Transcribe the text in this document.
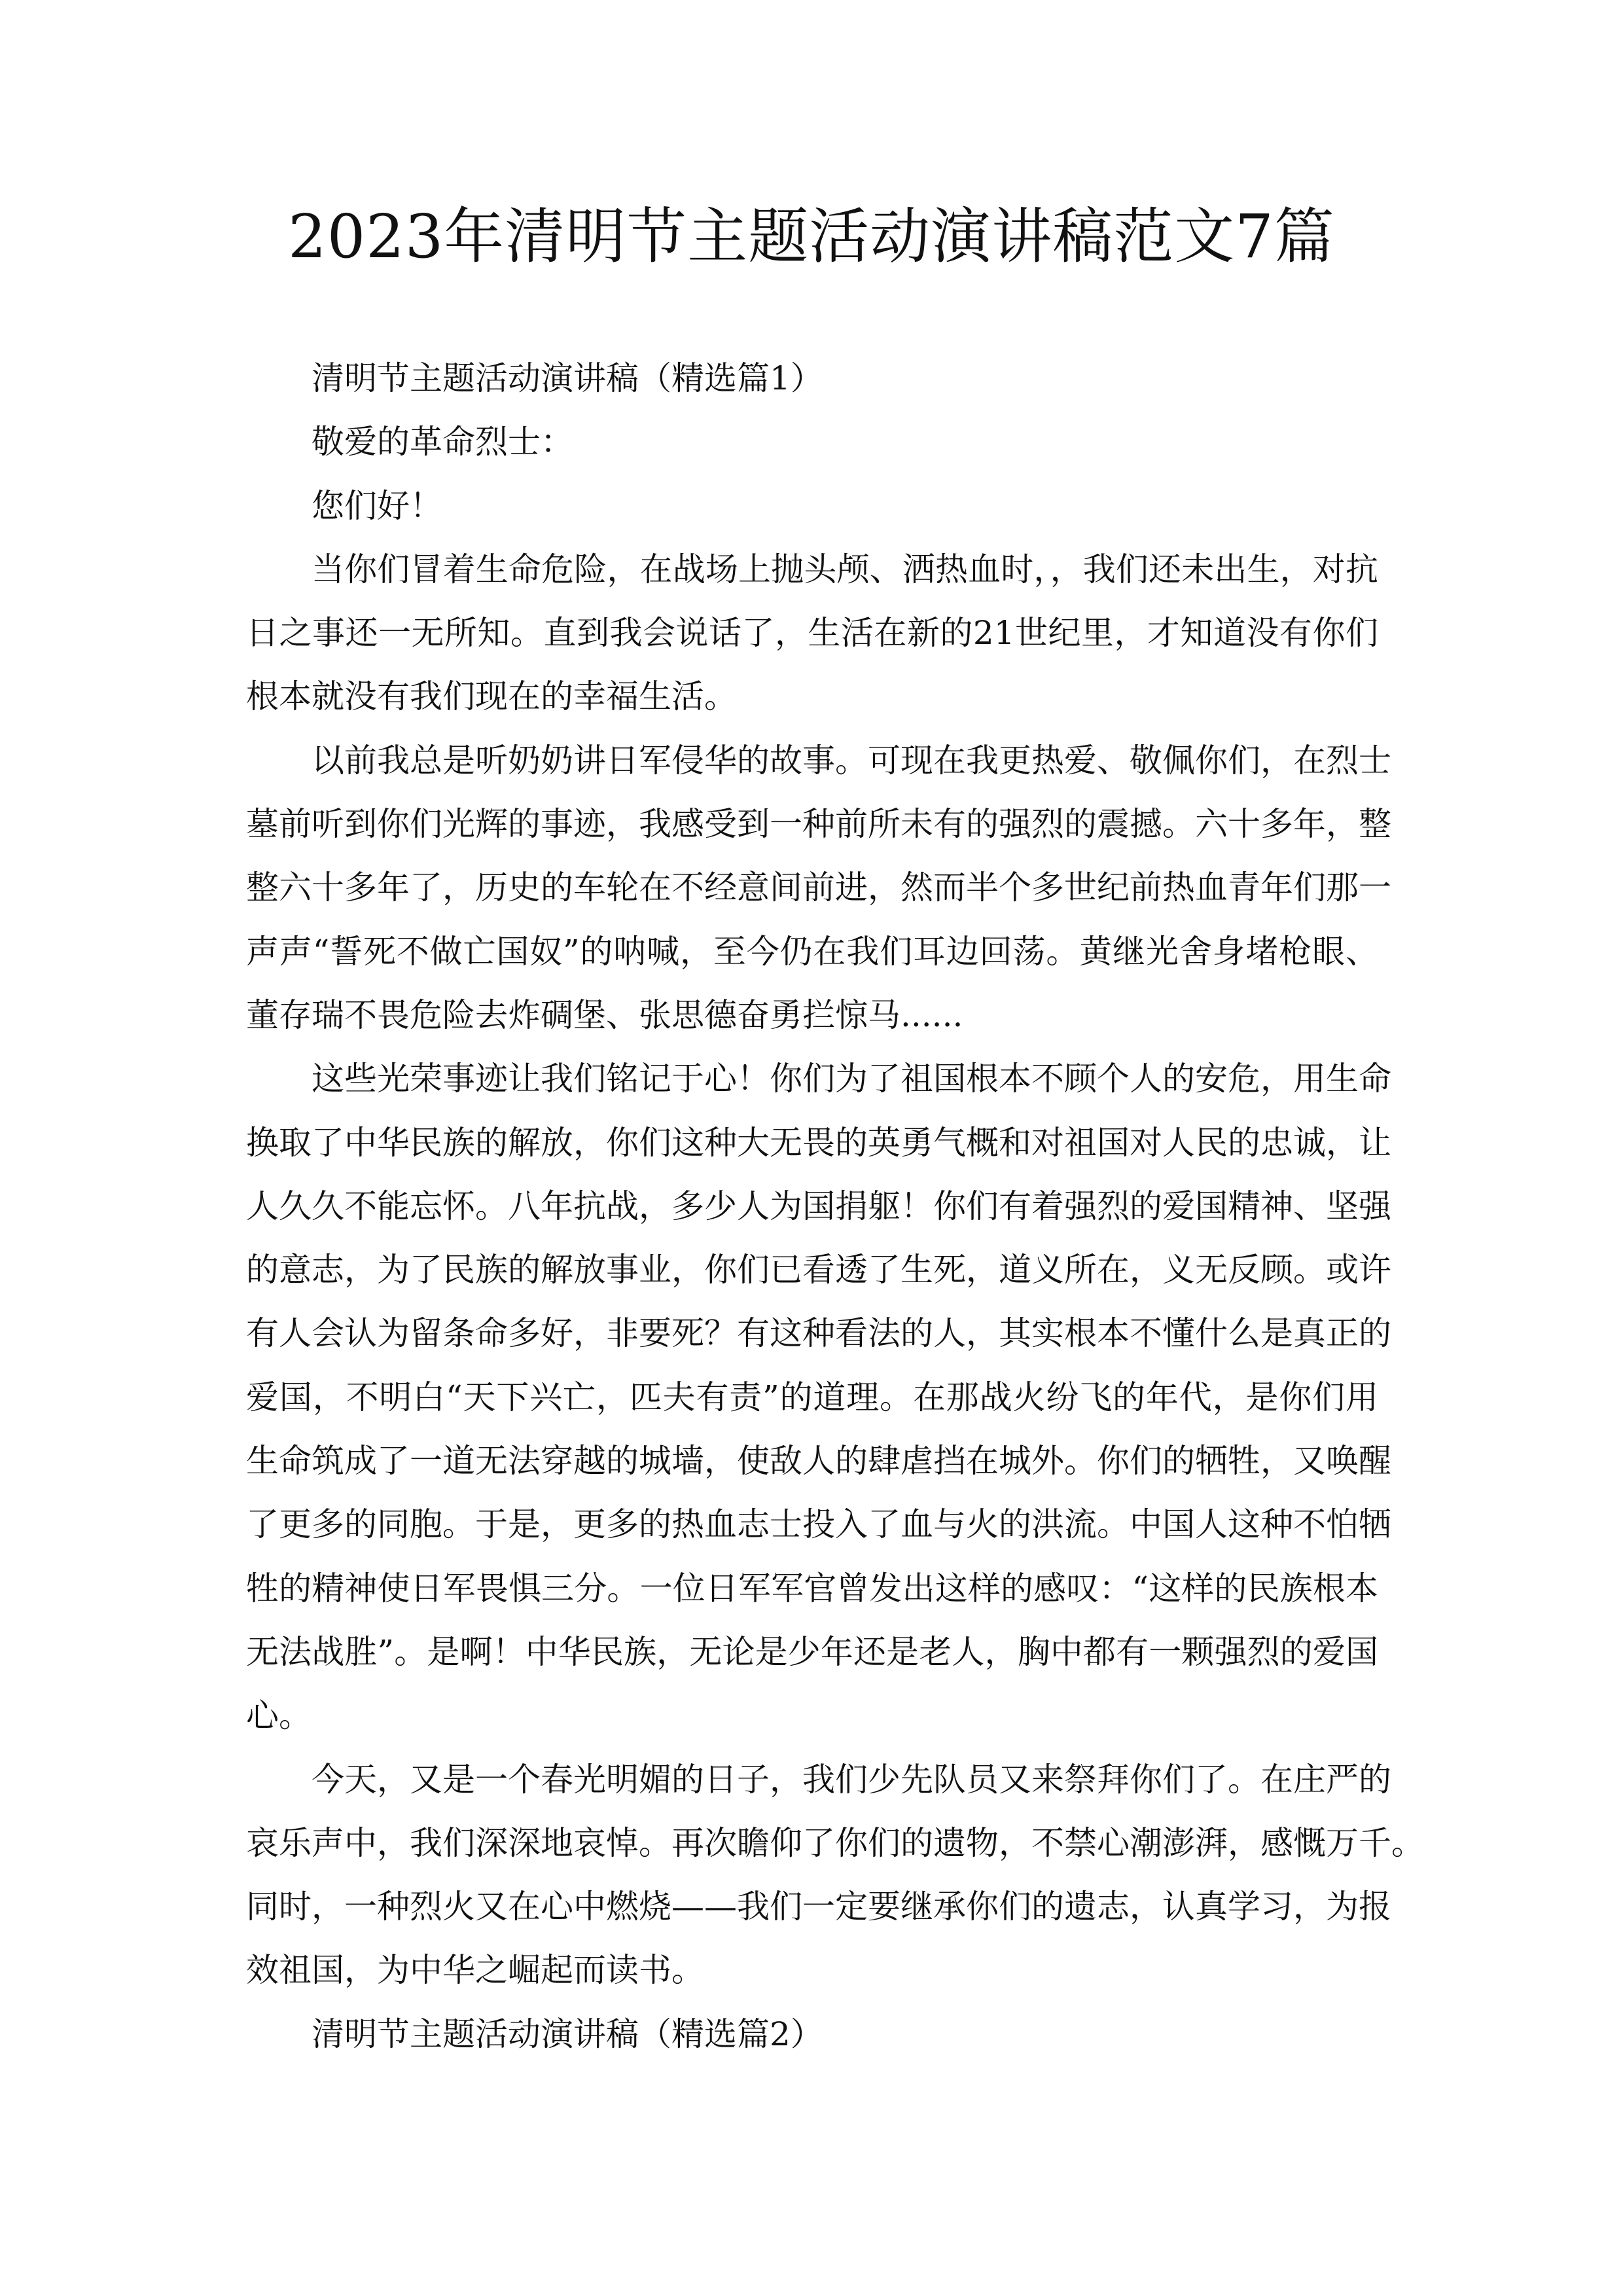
2023年清明节主题活动演讲稿范文7篇
清明节主题活动演讲稿（精选篇1）
敬爱的革命烈士：
您们好！
当你们冒着生命危险，在战场上抛头颅、洒热血时，，我们还未出生，对抗
日之事还一无所知。直到我会说话了，生活在新的21世纪里，才知道没有你们
根本就没有我们现在的幸福生活。
以前我总是听奶奶讲日军侵华的故事。可现在我更热爱、敬佩你们，在烈士
墓前听到你们光辉的事迹，我感受到一种前所未有的强烈的震撼。六十多年，整
整六十多年了，历史的车轮在不经意间前进，然而半个多世纪前热血青年们那一
声声“誓死不做亡国奴”的呐喊，至今仍在我们耳边回荡。黄继光舍身堵枪眼、
董存瑞不畏危险去炸碉堡、张思德奋勇拦惊马......
这些光荣事迹让我们铭记于心！你们为了祖国根本不顾个人的安危，用生命
换取了中华民族的解放，你们这种大无畏的英勇气概和对祖国对人民的忠诚，让
人久久不能忘怀。八年抗战，多少人为国捐躯！你们有着强烈的爱国精神、坚强
的意志，为了民族的解放事业，你们已看透了生死，道义所在，义无反顾。或许
有人会认为留条命多好，非要死？有这种看法的人，其实根本不懂什么是真正的
爱国，不明白“天下兴亡，匹夫有责”的道理。在那战火纷飞的年代，是你们用
生命筑成了一道无法穿越的城墙，使敌人的肆虐挡在城外。你们的牺牲，又唤醒
了更多的同胞。于是，更多的热血志士投入了血与火的洪流。中国人这种不怕牺
牲的精神使日军畏惧三分。一位日军军官曾发出这样的感叹：“这样的民族根本
无法战胜”。是啊！中华民族，无论是少年还是老人，胸中都有一颗强烈的爱国
心。
今天，又是一个春光明媚的日子，我们少先队员又来祭拜你们了。在庄严的
哀乐声中，我们深深地哀悼。再次瞻仰了你们的遗物，不禁心潮澎湃，感慨万千。
同时，一种烈火又在心中燃烧——我们一定要继承你们的遗志，认真学习，为报
效祖国，为中华之崛起而读书。
清明节主题活动演讲稿（精选篇2）
